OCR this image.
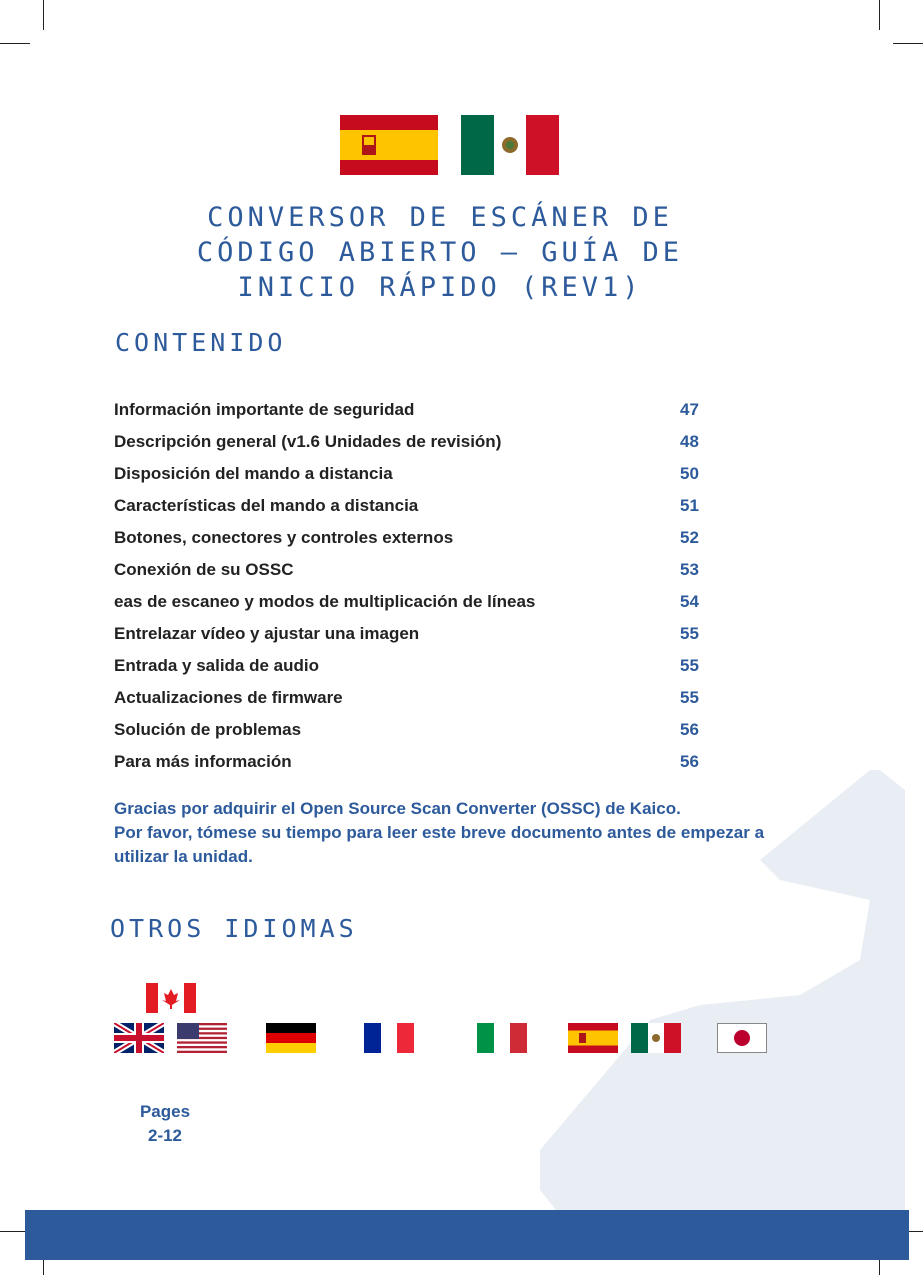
CONVERSOR DE ESCÁNER DE
CÓDIGO ABIERTO – GUÍA DE
INICIO RÁPIDO (REV1)
CONTENIDO
Información importante de seguridad	47
Descripción general (v1.6 Unidades de revisión)	48
Disposición del mando a distancia	50
Características del mando a distancia	51
Botones, conectores y controles externos	52
Conexión de su OSSC	53
eas de escaneo y modos de multiplicación de líneas	54
Entrelazar vídeo y ajustar una imagen	55
Entrada y salida de audio	55
Actualizaciones de firmware	55
Solución de problemas	56
Para más información	56

Gracias por adquirir el Open Source Scan Converter (OSSC) de Kaico.

Por favor, tómese su tiempo para leer este breve documento antes de empezar a utilizar la unidad.

OTROS IDIOMAS
Pages
2-12
